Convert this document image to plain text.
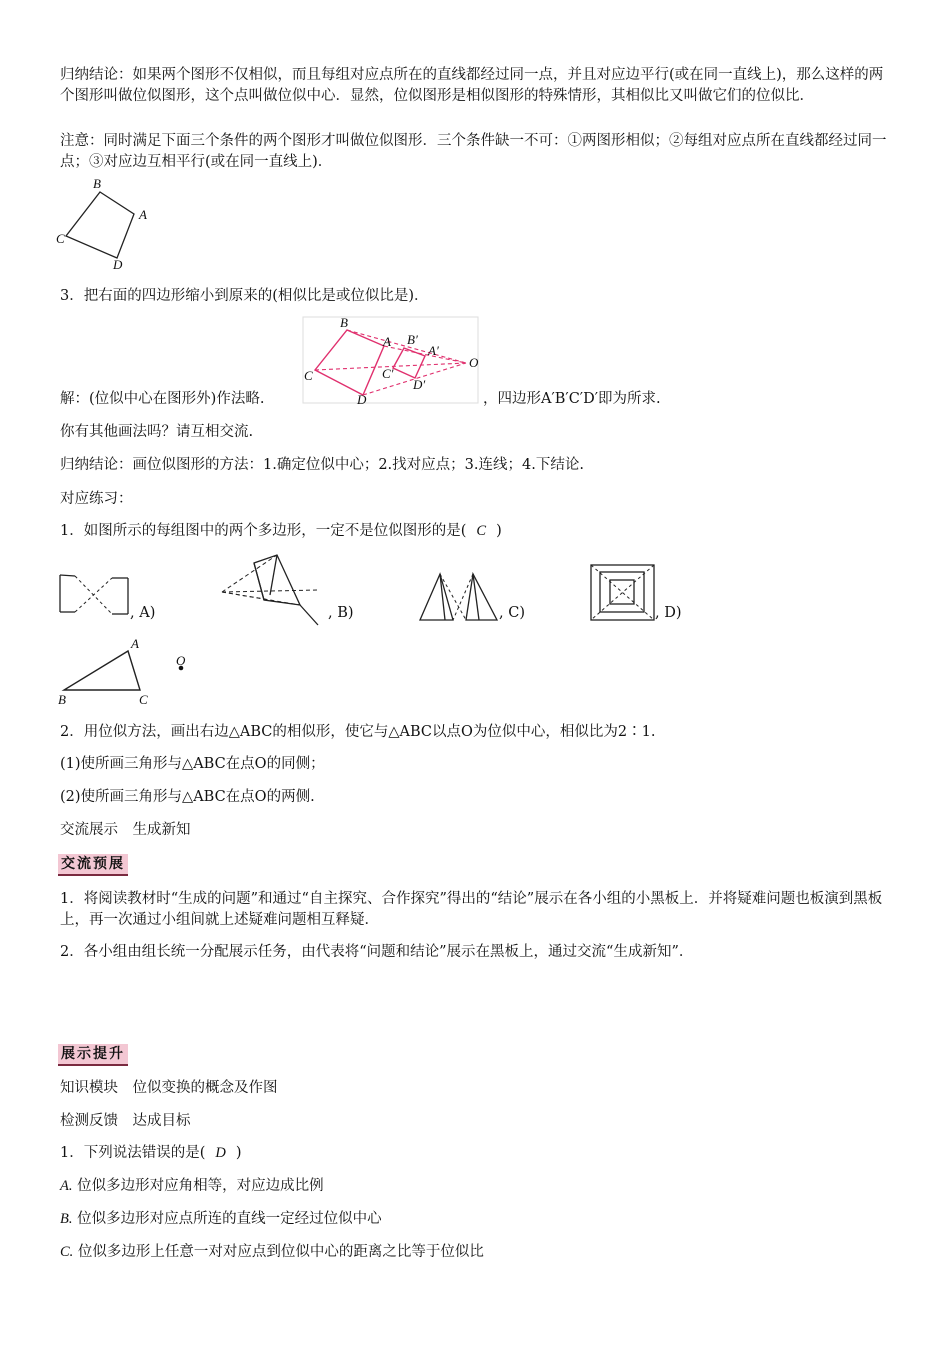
归纳结论：如果两个图形不仅相似，而且每组对应点所在的直线都经过同一点，并且对应边平行(或在同一直线上)，那么这样的两个图形叫做位似图形，这个点叫做位似中心．显然，位似图形是相似图形的特殊情形，其相似比又叫做它们的位似比．
注意：同时满足下面三个条件的两个图形才叫做位似图形．三个条件缺一不可：①两图形相似；②每组对应点所在直线都经过同一点；③对应边互相平行(或在同一直线上)．
B
A
C
D
3．把右面的四边形缩小到原来的(相似比是或位似比是)．
B
A
C
D
B′
A′
C′
D′
O
解：(位似中心在图形外)作法略.	，四边形A′B′C′D′即为所求.
你有其他画法吗？请互相交流.
归纳结论：画位似图形的方法：1.确定位似中心；2.找对应点；3.连线；4.下结论.
对应练习：
1．如图所示的每组图中的两个多边形，一定不是位似图形的是( C )
, A)	, B)	, C)	, D)
A
B	C
O
2．用位似方法，画出右边△ABC的相似形，使它与△ABC以点O为位似中心，相似比为2∶1.
(1)使所画三角形与△ABC在点O的同侧；
(2)使所画三角形与△ABC在点O的两侧.
交流展示　生成新知
交流预展
1．将阅读教材时“生成的问题”和通过“自主探究、合作探究”得出的“结论”展示在各小组的小黑板上．并将疑难问题也板演到黑板上，再一次通过小组间就上述疑难问题相互释疑．
2．各小组由组长统一分配展示任务，由代表将“问题和结论”展示在黑板上，通过交流“生成新知”．
展示提升
知识模块　位似变换的概念及作图
检测反馈　达成目标
1．下列说法错误的是( D )
A. 位似多边形对应角相等，对应边成比例
B. 位似多边形对应点所连的直线一定经过位似中心
C. 位似多边形上任意一对对应点到位似中心的距离之比等于位似比
